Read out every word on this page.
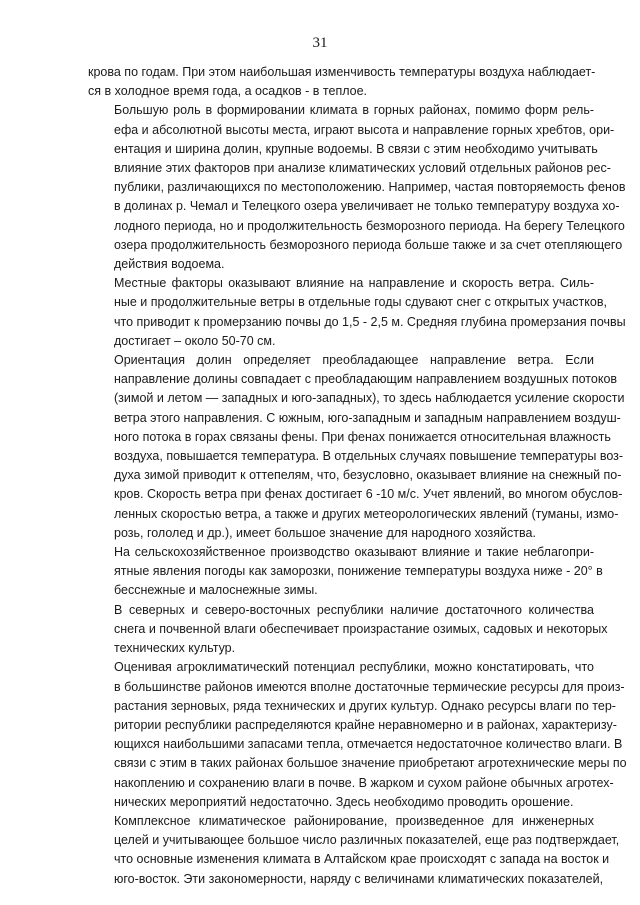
31

крова по годам. При этом наибольшая изменчивость температуры воздуха наблюдает-
ся в холодное время года, а осадков - в теплое.

Большую роль в формировании климата в горных районах, помимо форм рель-
ефа и абсолютной высоты места, играют высота и направление горных хребтов, ори-
ентация и ширина долин, крупные водоемы. В связи с этим необходимо учитывать
влияние этих факторов при анализе климатических условий отдельных районов рес-
публики, различающихся по местоположению. Например, частая повторяемость фенов
в долинах р. Чемал и Телецкого озера увеличивает не только температуру воздуха хо-
лодного периода, но и продолжительность безморозного периода. На берегу Телецкого
озера продолжительность безморозного периода больше также и за счет отепляющего
действия водоема.

Местные факторы оказывают влияние на направление и скорость ветра. Силь-
ные и продолжительные ветры в отдельные годы сдувают снег с открытых участков,
что приводит к промерзанию почвы до 1,5 - 2,5 м. Средняя глубина промерзания почвы
достигает – около 50-70 см.

Ориентация долин определяет преобладающее направление ветра. Если
направление долины совпадает с преобладающим направлением воздушных потоков
(зимой и летом — западных и юго-западных), то здесь наблюдается усиление скорости
ветра этого направления. С южным, юго-западным и западным направлением воздуш-
ного потока в горах связаны фены. При фенах понижается относительная влажность
воздуха, повышается температура. В отдельных случаях повышение температуры воз-
духа зимой приводит к оттепелям, что, безусловно, оказывает влияние на снежный по-
кров. Скорость ветра при фенах достигает 6 -10 м/с. Учет явлений, во многом обуслов-
ленных скоростью ветра, а также и других метеорологических явлений (туманы, измо-
розь, гололед и др.), имеет большое значение для народного хозяйства.

На сельскохозяйственное производство оказывают влияние и такие неблагопри-
ятные явления погоды как заморозки, понижение температуры воздуха ниже - 20° в
бесснежные и малоснежные зимы.

В северных и северо-восточных республики наличие достаточного количества
снега и почвенной влаги обеспечивает произрастание озимых, садовых и некоторых
технических культур.

Оценивая агроклиматический потенциал республики, можно констатировать, что
в большинстве районов имеются вполне достаточные термические ресурсы для произ-
растания зерновых, ряда технических и других культур. Однако ресурсы влаги по тер-
ритории республики распределяются крайне неравномерно и в районах, характеризу-
ющихся наибольшими запасами тепла, отмечается недостаточное количество влаги. В
связи с этим в таких районах большое значение приобретают агротехнические меры по
накоплению и сохранению влаги в почве. В жарком и сухом районе обычных агротех-
нических мероприятий недостаточно. Здесь необходимо проводить орошение.

Комплексное климатическое районирование, произведенное для инженерных
целей и учитывающее большое число различных показателей, еще раз подтверждает,
что основные изменения климата в Алтайском крае происходят с запада на восток и
юго-восток. Эти закономерности, наряду с величинами климатических показателей,
